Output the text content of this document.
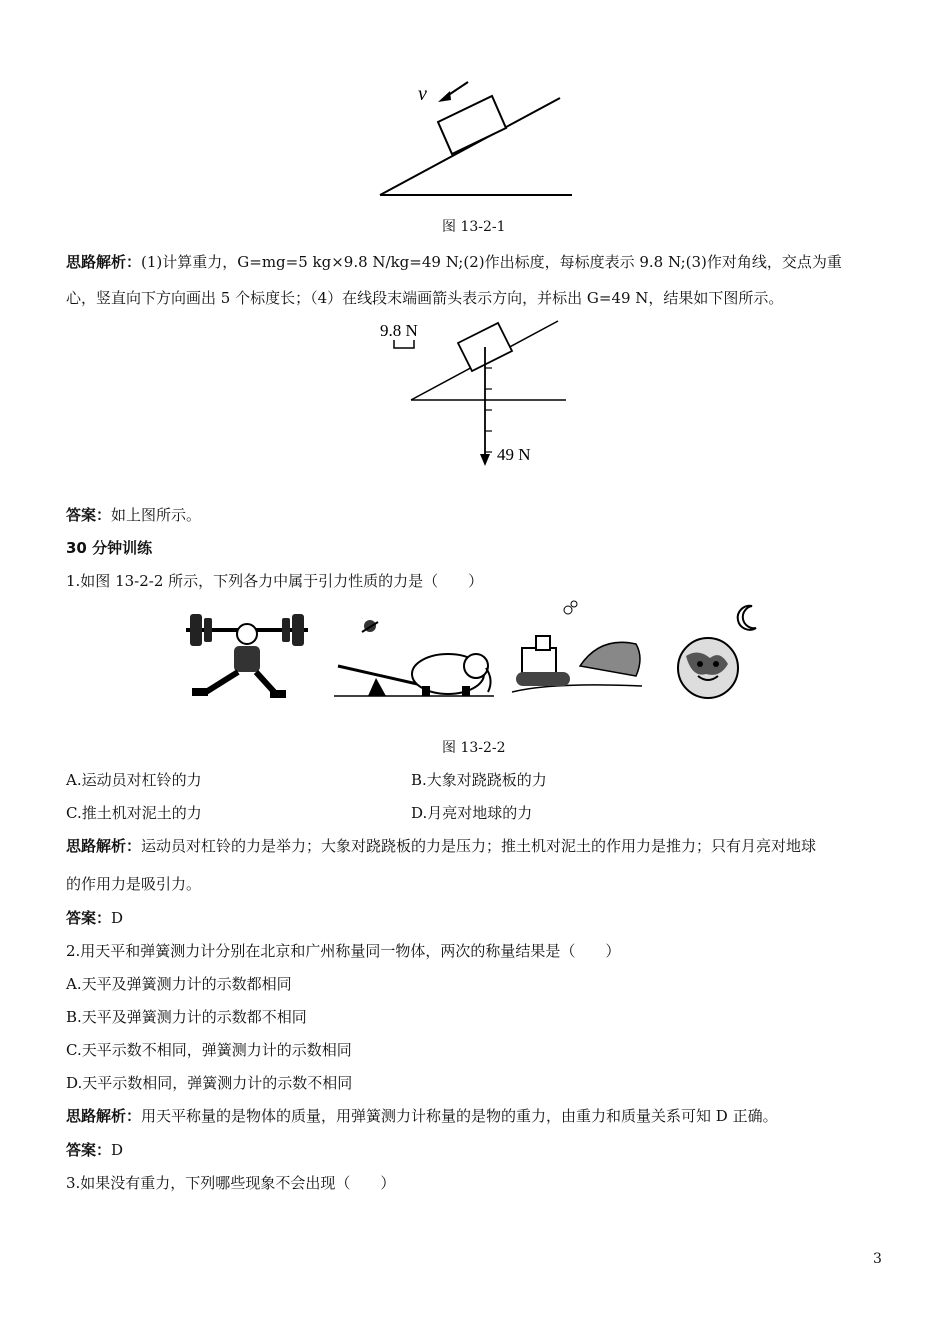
v
图 13-2-1
思路解析：(1)计算重力，G=mg=5 kg×9.8 N/kg=49 N;(2)作出标度，每标度表示 9.8 N;(3)作对角线，交点为重
心，竖直向下方向画出 5 个标度长；（4）在线段末端画箭头表示方向，并标出 G=49 N，结果如下图所示。
9.8 N
49 N
答案：如上图所示。
30 分钟训练
1.如图 13-2-2 所示，下列各力中属于引力性质的力是（　　）
图 13-2-2
A.运动员对杠铃的力	B.大象对跷跷板的力
C.推土机对泥土的力	D.月亮对地球的力
思路解析：运动员对杠铃的力是举力；大象对跷跷板的力是压力；推土机对泥土的作用力是推力；只有月亮对地球
的作用力是吸引力。
答案：D
2.用天平和弹簧测力计分别在北京和广州称量同一物体，两次的称量结果是（　　）
A.天平及弹簧测力计的示数都相同
B.天平及弹簧测力计的示数都不相同
C.天平示数不相同，弹簧测力计的示数相同
D.天平示数相同，弹簧测力计的示数不相同
思路解析：用天平称量的是物体的质量，用弹簧测力计称量的是物的重力，由重力和质量关系可知 D 正确。
答案：D
3.如果没有重力，下列哪些现象不会出现（　　）
3
